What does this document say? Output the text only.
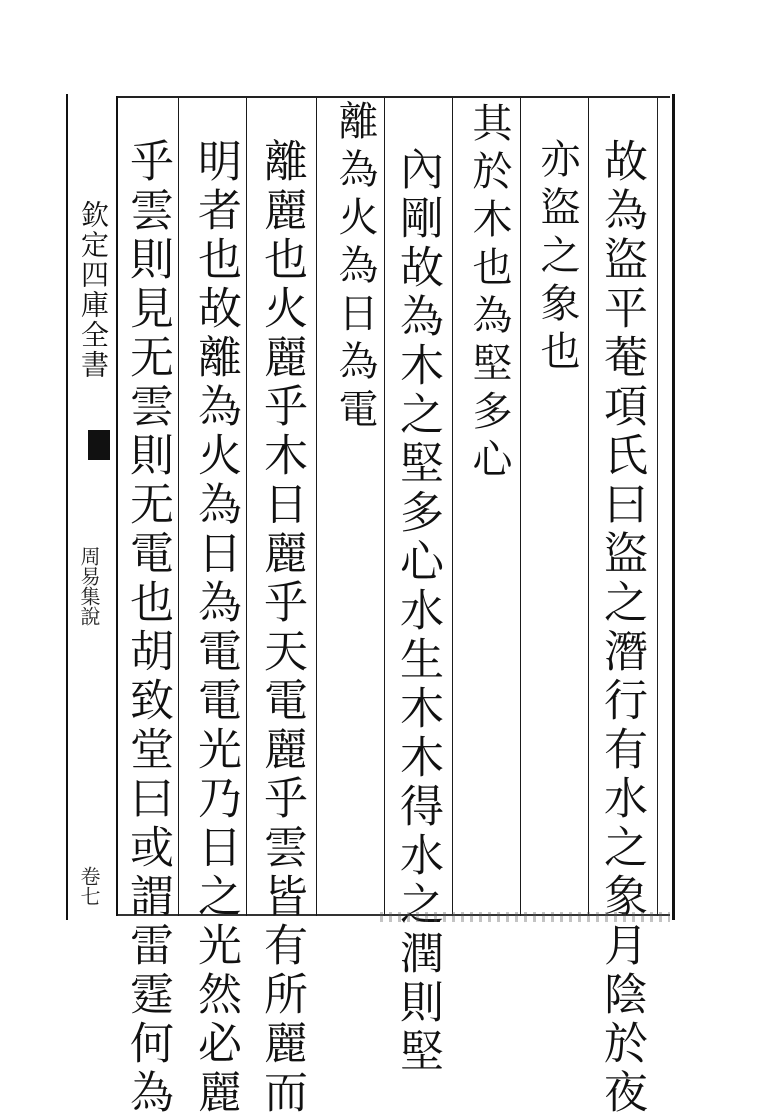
欽定四庫全書
周易集說
卷七	故為盜平菴項氏曰盜之潛行有水之象月陰於夜
亦盜之象也
其於木也為堅多心
內剛故為木之堅多心水生木木得水之潤則堅
離為火為日為電
離麗也火麗乎木日麗乎天電麗乎雲皆有所麗而
明者也故離為火為日為電電光乃日之光然必麗
乎雲則見无雲則无電也胡致堂曰或謂雷霆何為
